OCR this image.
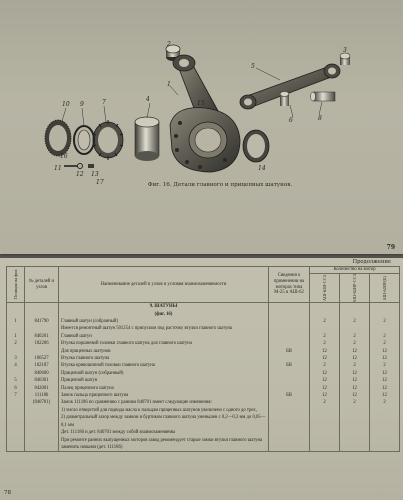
2
1
4
5
3
6	8
10 9	7
11
12 13
14
15
16
17	Фиг. 16. Детали главного и прицепных шатунов.
79
Продолжение
Позиция на фиг.	№ деталей и узлов	Наименование деталей и узлов и условия взаимозаменяемости	Сведения о применении на моторах типа М-25 и АШ-62	Количество на мотор		

				АШ-62И-ССЗ	АШ-62ИР-ССЗ	АШ-62ИР(Б)

		9. ШАТУНЫ				
		(фиг. 16)				
1	841790	Главный шатун (собранный)		2	2	2
		Имеется ремонтный шатун 501254 с припуском под расточку втулки главного шатуна				
1	840201	Главный шатун		2	2	2
2	182206	Втулка поршневой головки главного шатуна для главного шатуна		2	2	2
		Для прицепных шатунов	БВ	12	12	12
3	106527	Втулка главного шатуна		12	12	12
4	102187	Втулка кривошипной головки главного шатуна	БВ	2	2	2
	840600	Прицепной шатун (собранный)		12	12	12
5	840301	Прицепной шатун		12	12	12
6	842001	Палец прицепного шатуна		12	12	12
7	111186	Замок пальца прицепного шатуна	БВ	12	12	12
	(840701)	Замок 111186 по сравнению с ранним 840701 имеет следующие изменения:		2	2	2
		1) число отверстий для подвода масла к пальцам прицепных шатунов увеличено с одного до трех,				
		2) диаметральный зазор между замком и буртиком главного шатуна уменьшен с 0,2—0,3 мм до 0,05—0,1 мм				
		Дет. 111186 и дет. 840701 между собой взаимозаменяемы				
		При ремонте ранних выпущенных моторов завод рекомендует старые замки втулки главного шатуна заменить новыми (дет. 111186)				
78
